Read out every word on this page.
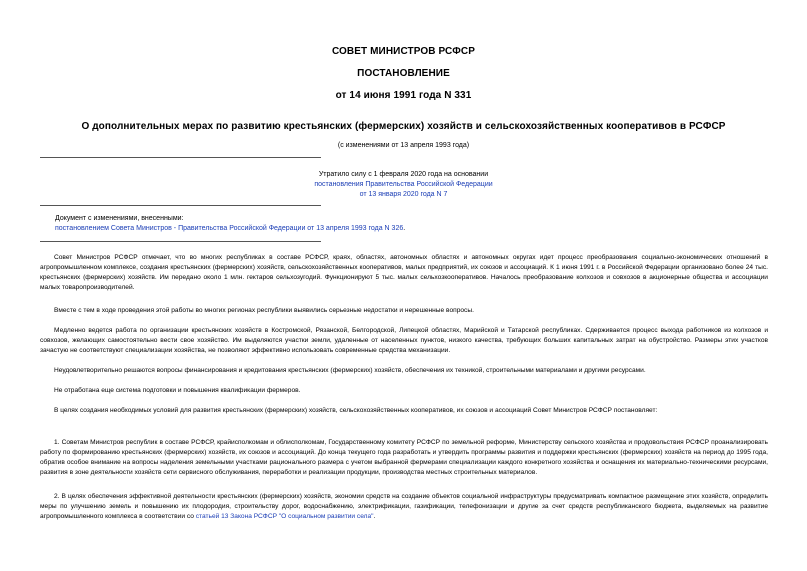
СОВЕТ МИНИСТРОВ РСФСР
ПОСТАНОВЛЕНИЕ
от 14 июня 1991 года N 331
О дополнительных мерах по развитию крестьянских (фермерских) хозяйств и сельскохозяйственных кооперативов в РСФСР
(с изменениями от 13 апреля 1993 года)
Утратило силу с 1 февраля 2020 года на основании
постановления Правительства Российской Федерации
от 13 января 2020 года N 7
Документ с изменениями, внесенными:
постановлением Совета Министров - Правительства Российской Федерации от 13 апреля 1993 года N 326.
Совет Министров РСФСР отмечает, что во многих республиках в составе РСФСР, краях, областях, автономных областях и автономных округах идет процесс преобразования социально-экономических отношений в агропромышленном комплексе, создания крестьянских (фермерских) хозяйств, сельскохозяйственных кооперативов, малых предприятий, их союзов и ассоциаций. К 1 июня 1991 г. в Российской Федерации организовано более 24 тыс. крестьянских (фермерских) хозяйств. Им передано около 1 млн. гектаров сельхозугодий. Функционируют 5 тыс. малых сельхозкооперативов. Началось преобразование колхозов и совхозов в акционерные общества и ассоциации малых товаропроизводителей.
Вместе с тем в ходе проведения этой работы во многих регионах республики выявились серьезные недостатки и нерешенные вопросы.
Медленно ведется работа по организации крестьянских хозяйств в Костромской, Рязанской, Белгородской, Липецкой областях, Марийской и Татарской республиках. Сдерживается процесс выхода работников из колхозов и совхозов, желающих самостоятельно вести свое хозяйство. Им выделяются участки земли, удаленные от населенных пунктов, низкого качества, требующих больших капитальных затрат на обустройство. Размеры этих участков зачастую не соответствуют специализации хозяйства, не позволяют эффективно использовать современные средства механизации.
Неудовлетворительно решаются вопросы финансирования и кредитования крестьянских (фермерских) хозяйств, обеспечения их техникой, строительными материалами и другими ресурсами.
Не отработана еще система подготовки и повышения квалификации фермеров.
В целях создания необходимых условий для развития крестьянских (фермерских) хозяйств, сельскохозяйственных кооперативов, их союзов и ассоциаций Совет Министров РСФСР постановляет:
1. Советам Министров республик в составе РСФСР, крайисполкомам и облисполкомам, Государственному комитету РСФСР по земельной реформе, Министерству сельского хозяйства и продовольствия РСФСР проанализировать работу по формированию крестьянских (фермерских) хозяйств, их союзов и ассоциаций. До конца текущего года разработать и утвердить программы развития и поддержки крестьянских (фермерских) хозяйств на период до 1995 года, обратив особое внимание на вопросы наделения земельными участками рационального размера с учетом выбранной фермерами специализации каждого конкретного хозяйства и оснащения их материально-техническими ресурсами, развития в зоне деятельности хозяйств сети сервисного обслуживания, переработки и реализации продукции, производства местных строительных материалов.
2. В целях обеспечения эффективной деятельности крестьянских (фермерских) хозяйств, экономии средств на создание объектов социальной инфраструктуры предусматривать компактное размещение этих хозяйств, определить меры по улучшению земель и повышению их плодородия, строительству дорог, водоснабжению, электрификации, газификации, телефонизации и другие за счет средств республиканского бюджета, выделяемых на развитие агропромышленного комплекса в соответствии со статьей 13 Закона РСФСР "О социальном развитии села".
